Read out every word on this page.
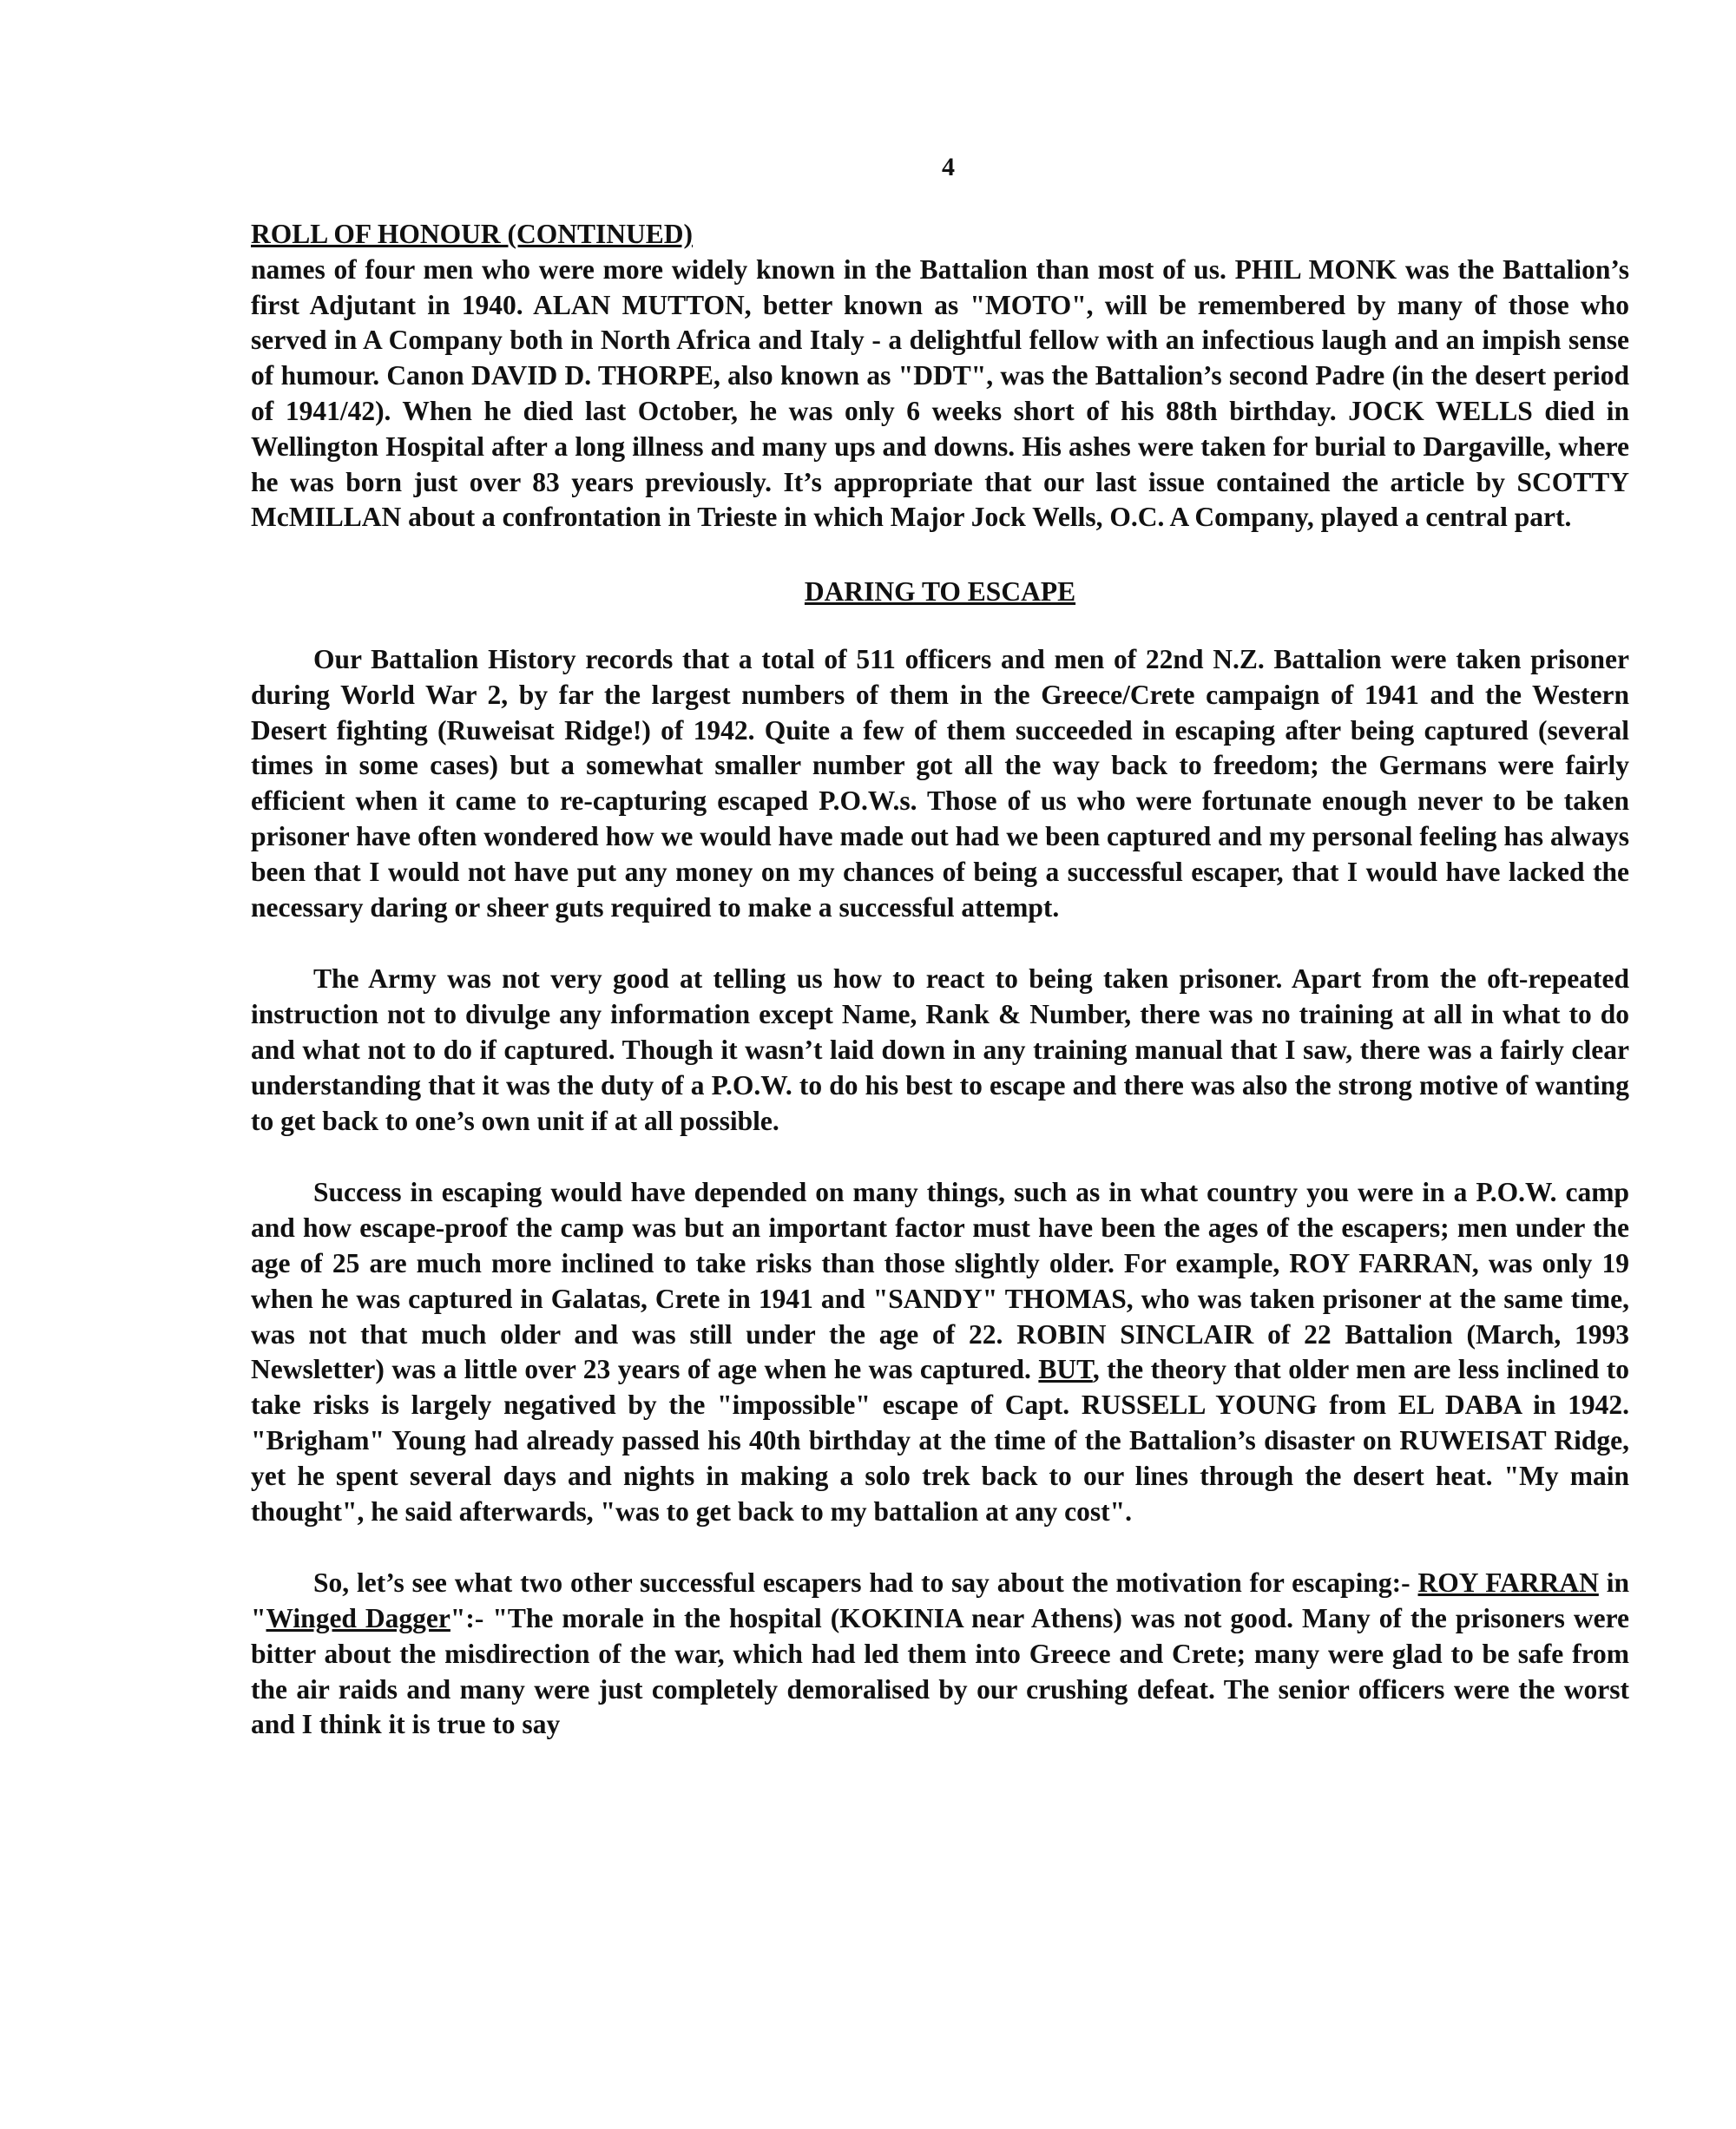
4
ROLL OF HONOUR (CONTINUED)

names of four men who were more widely known in the Battalion than most of us. PHIL MONK was the Battalion’s first Adjutant in 1940. ALAN MUTTON, better known as "MOTO", will be remembered by many of those who served in A Company both in North Africa and Italy - a delightful fellow with an infectious laugh and an impish sense of humour. Canon DAVID D. THORPE, also known as "DDT", was the Battalion’s second Padre (in the desert period of 1941/42). When he died last October, he was only 6 weeks short of his 88th birthday. JOCK WELLS died in Wellington Hospital after a long illness and many ups and downs. His ashes were taken for burial to Dargaville, where he was born just over 83 years previously. It’s appropriate that our last issue contained the article by SCOTTY McMILLAN about a confrontation in Trieste in which Major Jock Wells, O.C. A Company, played a central part.

DARING TO ESCAPE

Our Battalion History records that a total of 511 officers and men of 22nd N.Z. Battalion were taken prisoner during World War 2, by far the largest numbers of them in the Greece/Crete campaign of 1941 and the Western Desert fighting (Ruweisat Ridge!) of 1942. Quite a few of them succeeded in escaping after being captured (several times in some cases) but a somewhat smaller number got all the way back to freedom; the Germans were fairly efficient when it came to re-capturing escaped P.O.W.s. Those of us who were fortunate enough never to be taken prisoner have often wondered how we would have made out had we been captured and my personal feeling has always been that I would not have put any money on my chances of being a successful escaper, that I would have lacked the necessary daring or sheer guts required to make a successful attempt.

The Army was not very good at telling us how to react to being taken prisoner. Apart from the oft-repeated instruction not to divulge any information except Name, Rank & Number, there was no training at all in what to do and what not to do if captured. Though it wasn’t laid down in any training manual that I saw, there was a fairly clear understanding that it was the duty of a P.O.W. to do his best to escape and there was also the strong motive of wanting to get back to one’s own unit if at all possible.

Success in escaping would have depended on many things, such as in what country you were in a P.O.W. camp and how escape-proof the camp was but an important factor must have been the ages of the escapers; men under the age of 25 are much more inclined to take risks than those slightly older. For example, ROY FARRAN, was only 19 when he was captured in Galatas, Crete in 1941 and "SANDY" THOMAS, who was taken prisoner at the same time, was not that much older and was still under the age of 22. ROBIN SINCLAIR of 22 Battalion (March, 1993 Newsletter) was a little over 23 years of age when he was captured. BUT, the theory that older men are less inclined to take risks is largely negatived by the "impossible" escape of Capt. RUSSELL YOUNG from EL DABA in 1942. "Brigham" Young had already passed his 40th birthday at the time of the Battalion’s disaster on RUWEISAT Ridge, yet he spent several days and nights in making a solo trek back to our lines through the desert heat. "My main thought", he said afterwards, "was to get back to my battalion at any cost".

So, let’s see what two other successful escapers had to say about the motivation for escaping:- ROY FARRAN in "Winged Dagger":- "The morale in the hospital (KOKINIA near Athens) was not good. Many of the prisoners were bitter about the misdirection of the war, which had led them into Greece and Crete; many were glad to be safe from the air raids and many were just completely demoralised by our crushing defeat. The senior officers were the worst and I think it is true to say
